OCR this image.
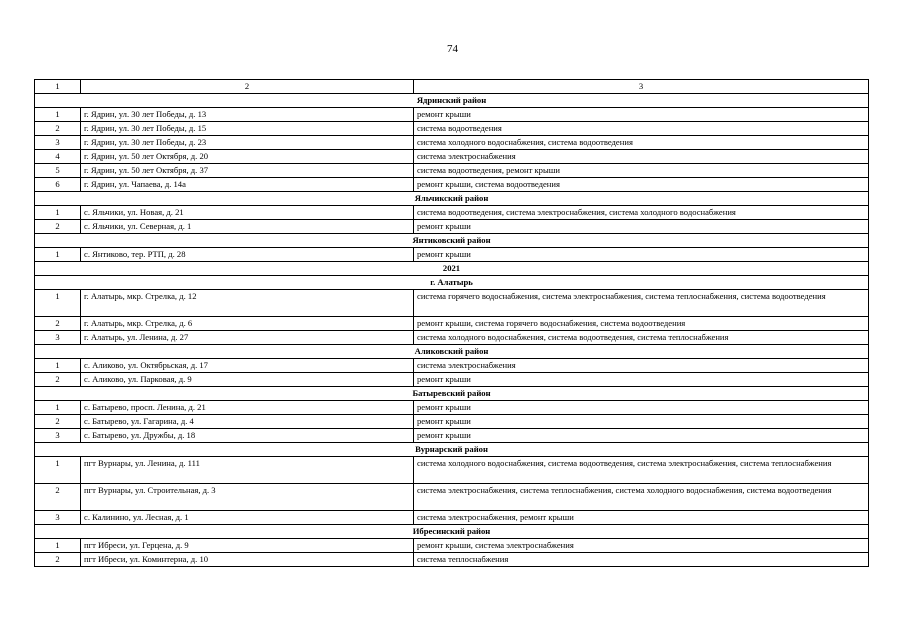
74
1	2	3
Ядринский район		
1	г. Ядрин, ул. 30 лет Победы, д. 13	ремонт крыши
2	г. Ядрин, ул. 30 лет Победы, д. 15	система водоотведения
3	г. Ядрин, ул. 30 лет Победы, д. 23	система холодного водоснабжения, система водоотведения
4	г. Ядрин, ул. 50 лет Октября, д. 20	система электроснабжения
5	г. Ядрин, ул. 50 лет Октября, д. 37	система водоотведения, ремонт крыши
6	г. Ядрин, ул. Чапаева, д. 14а	ремонт крыши, система водоотведения
Яльчикский район		
1	с. Яльчики, ул. Новая, д. 21	система водоотведения, система электроснабжения, система холодного водоснабжения
2	с. Яльчики, ул. Северная, д. 1	ремонт крыши
Янтиковский район		
1	с. Янтиково, тер. РТП, д. 28	ремонт крыши
2021		
г. Алатырь		
1	г. Алатырь, мкр. Стрелка, д. 12	система горячего водоснабжения, система электроснабжения, система теплоснабжения, система водоотведения
2	г. Алатырь, мкр. Стрелка, д. 6	ремонт крыши, система горячего водоснабжения, система водоотведения
3	г. Алатырь, ул. Ленина, д. 27	система холодного водоснабжения, система водоотведения, система теплоснабжения
Аликовский район		
1	с. Аликово, ул. Октябрьская, д. 17	система электроснабжения
2	с. Аликово, ул. Парковая, д. 9	ремонт крыши
Батыревский район		
1	с. Батырево, просп. Ленина, д. 21	ремонт крыши
2	с. Батырево, ул. Гагарина, д. 4	ремонт крыши
3	с. Батырево, ул. Дружбы, д. 18	ремонт крыши
Вурнарский район		
1	пгт Вурнары, ул. Ленина, д. 111	система холодного водоснабжения, система водоотведения, система электроснабжения, система теплоснабжения
2	пгт Вурнары, ул. Строительная, д. 3	система электроснабжения, система теплоснабжения, система холодного водоснабжения, система водоотведения
3	с. Калинино, ул. Лесная, д. 1	система электроснабжения, ремонт крыши
Ибресинский район		
1	пгт Ибреси, ул. Герцена, д. 9	ремонт крыши, система электроснабжения
2	пгт Ибреси, ул. Коминтерна, д. 10	система теплоснабжения
